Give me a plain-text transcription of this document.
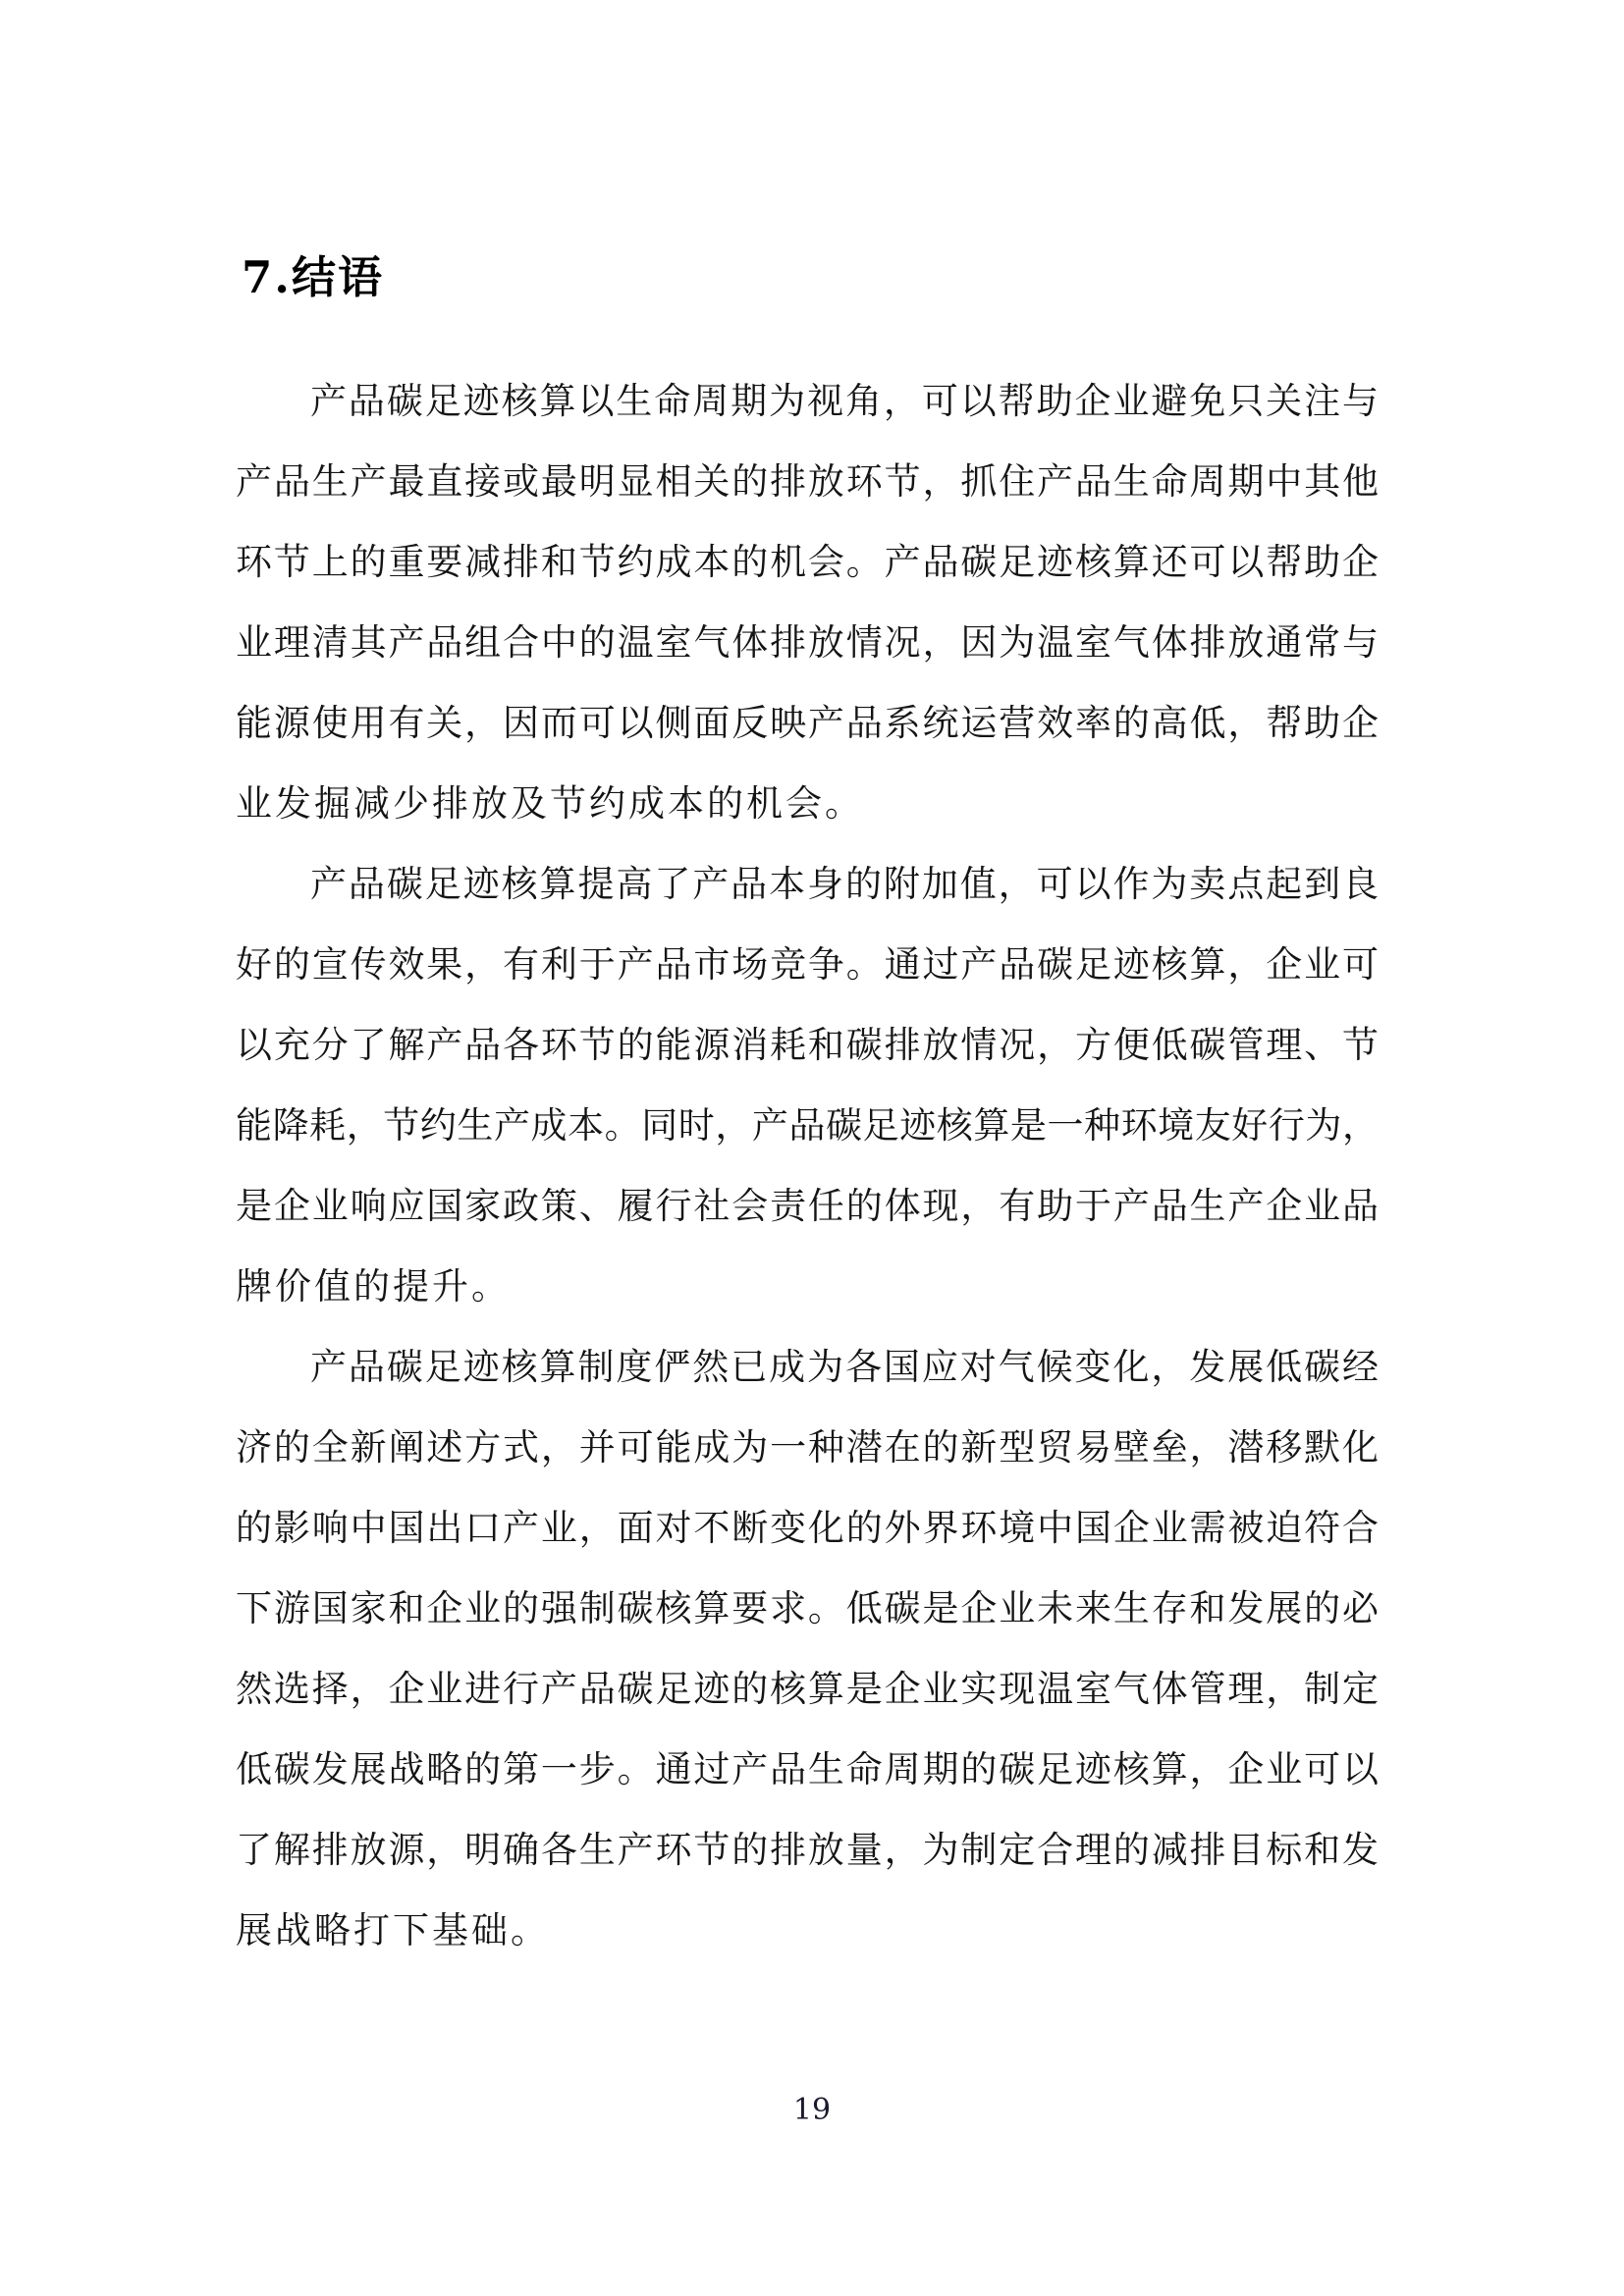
7.结语
产品碳足迹核算以生命周期为视角，可以帮助企业避免只关注与
产品生产最直接或最明显相关的排放环节，抓住产品生命周期中其他
环节上的重要减排和节约成本的机会。产品碳足迹核算还可以帮助企
业理清其产品组合中的温室气体排放情况，因为温室气体排放通常与
能源使用有关，因而可以侧面反映产品系统运营效率的高低，帮助企
业发掘减少排放及节约成本的机会。
产品碳足迹核算提高了产品本身的附加值，可以作为卖点起到良
好的宣传效果，有利于产品市场竞争。通过产品碳足迹核算，企业可
以充分了解产品各环节的能源消耗和碳排放情况，方便低碳管理、节
能降耗，节约生产成本。同时，产品碳足迹核算是一种环境友好行为，
是企业响应国家政策、履行社会责任的体现，有助于产品生产企业品
牌价值的提升。
产品碳足迹核算制度俨然已成为各国应对气候变化，发展低碳经
济的全新阐述方式，并可能成为一种潜在的新型贸易壁垒，潜移默化
的影响中国出口产业，面对不断变化的外界环境中国企业需被迫符合
下游国家和企业的强制碳核算要求。低碳是企业未来生存和发展的必
然选择，企业进行产品碳足迹的核算是企业实现温室气体管理，制定
低碳发展战略的第一步。通过产品生命周期的碳足迹核算，企业可以
了解排放源，明确各生产环节的排放量，为制定合理的减排目标和发
展战略打下基础。
19
